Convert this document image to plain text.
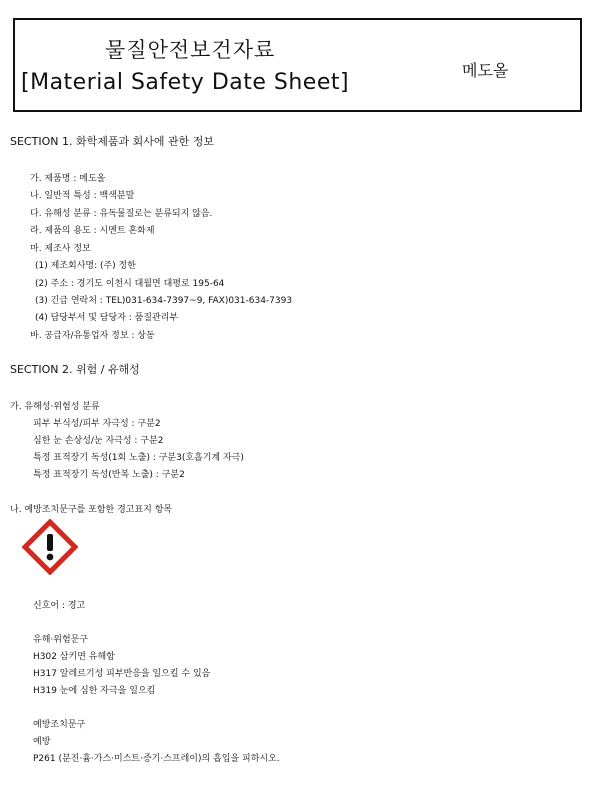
물질안전보건자료
[Material Safety Date Sheet]	메도올
SECTION 1. 화학제품과 회사에 관한 정보
가. 제품명 : 메도올
나. 일반적 특성 : 백색분말
다. 유해성 분류 : 유독물질로는 분류되지 않음.
라. 제품의 용도 : 시멘트 혼화제
마. 제조사 정보
(1) 제조회사명: (주) 정한
(2) 주소 : 경기도 이천시 대월면 대평로 195-64
(3) 긴급 연락처 : TEL)031-634-7397~9, FAX)031-634-7393
(4) 담당부서 및 담당자 : 품질관리부
바. 공급자/유통업자 정보 : 상동
SECTION 2. 위험 / 유해성
가. 유해성·위험성 분류
피부 부식성/피부 자극성 : 구분2
심한 눈 손상성/눈 자극성 : 구분2
특정 표적장기 독성(1회 노출) : 구분3(호흡기계 자극)
특정 표적장기 독성(반복 노출) : 구분2
나. 예방조치문구를 포함한 경고표지 항목
신호어 : 경고
유해·위험문구
H302 삼키면 유해함
H317 알레르기성 피부반응을 일으킬 수 있음
H319 눈에 심한 자극을 일으킴
예방조치문구
예방
P261 (분진·흄·가스·미스트·증기·스프레이)의 흡입을 피하시오.
